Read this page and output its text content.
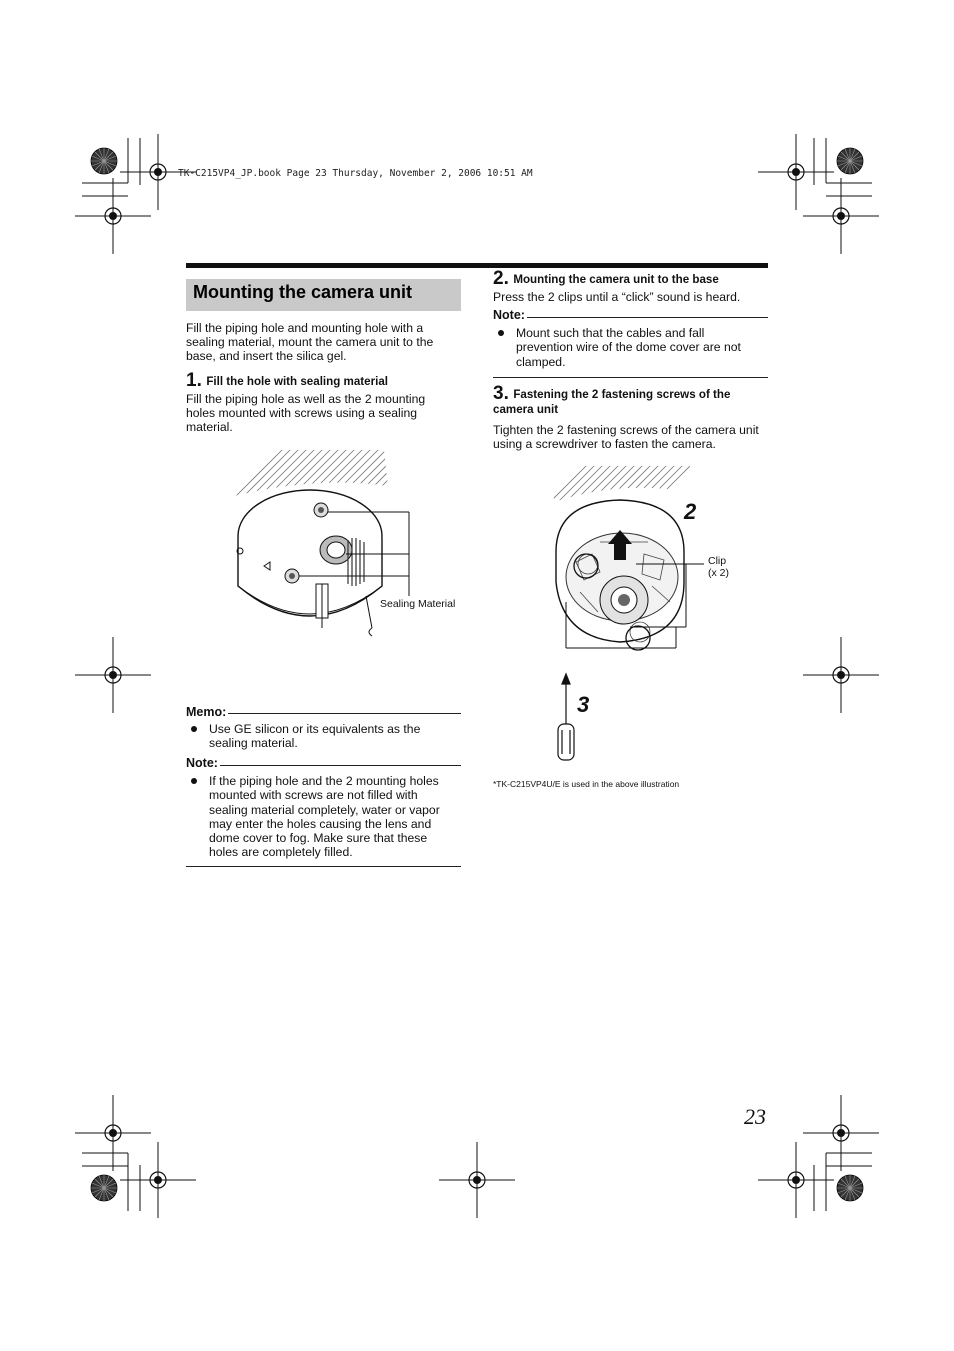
TK-C215VP4_JP.book Page 23 Thursday, November 2, 2006 10:51 AM
Mounting the camera unit
Fill the piping hole and mounting hole with a sealing material, mount the camera unit to the base, and insert the silica gel.
1. Fill the hole with sealing material
Fill the piping hole as well as the 2 mounting holes mounted with screws using a sealing material.
Sealing Material
Memo:
Use GE silicon or its equivalents as the sealing material.
Note:
If the piping hole and the 2 mounting holes mounted with screws are not filled with sealing material completely, water or vapor may enter the holes causing the lens and dome cover to fog. Make sure that these holes are completely filled.
2. Mounting the camera unit to the base
Press the 2 clips until a “click” sound is heard.
Note:
Mount such that the cables and fall prevention wire of the dome cover are not clamped.
3. Fastening the 2 fastening screws of the camera unit
Tighten the 2 fastening screws of the camera unit using a screwdriver to fasten the camera.
2
3
Clip
(x 2)
*TK-C215VP4U/E is used in the above illustration
23
